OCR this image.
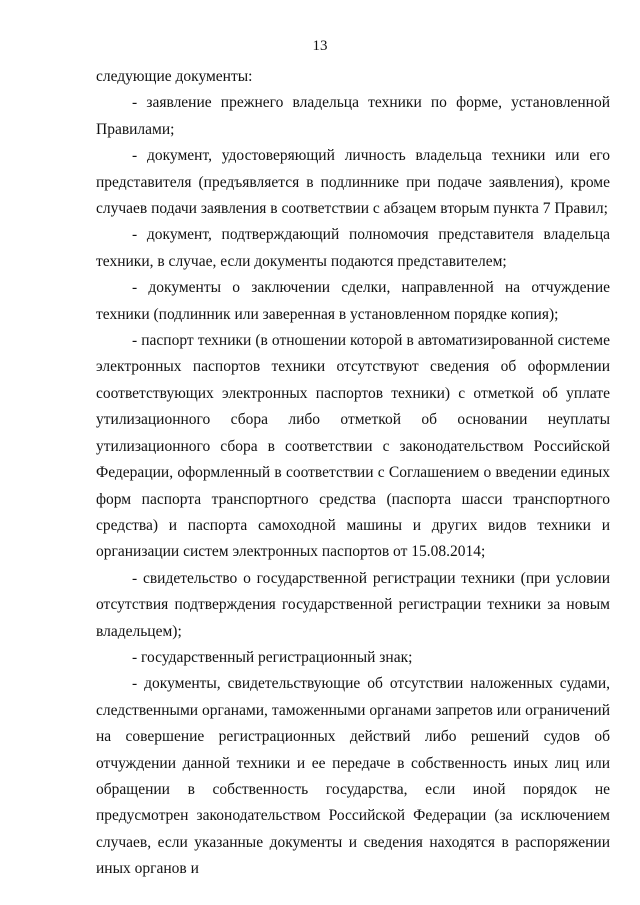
13

следующие документы:

- заявление прежнего владельца техники по форме, установленной Правилами;

- документ, удостоверяющий личность владельца техники или его представителя (предъявляется в подлиннике при подаче заявления), кроме случаев подачи заявления в соответствии с абзацем вторым пункта 7 Правил;

- документ, подтверждающий полномочия представителя владельца техники, в случае, если документы подаются представителем;

- документы о заключении сделки, направленной на отчуждение техники (подлинник или заверенная в установленном порядке копия);

- паспорт техники (в отношении которой в автоматизированной системе электронных паспортов техники отсутствуют сведения об оформлении соответствующих электронных паспортов техники) с отметкой об уплате утилизационного сбора либо отметкой об основании неуплаты утилизационного сбора в соответствии с законодательством Российской Федерации, оформленный в соответствии с Соглашением о введении единых форм паспорта транспортного средства (паспорта шасси транспортного средства) и паспорта самоходной машины и других видов техники и организации систем электронных паспортов от 15.08.2014;

- свидетельство о государственной регистрации техники (при условии отсутствия подтверждения государственной регистрации техники за новым владельцем);

- государственный регистрационный знак;

- документы, свидетельствующие об отсутствии наложенных судами, следственными органами, таможенными органами запретов или ограничений на совершение регистрационных действий либо решений судов об отчуждении данной техники и ее передаче в собственность иных лиц или обращении в собственность государства, если иной порядок не предусмотрен законодательством Российской Федерации (за исключением случаев, если указанные документы и сведения находятся в распоряжении иных органов и
